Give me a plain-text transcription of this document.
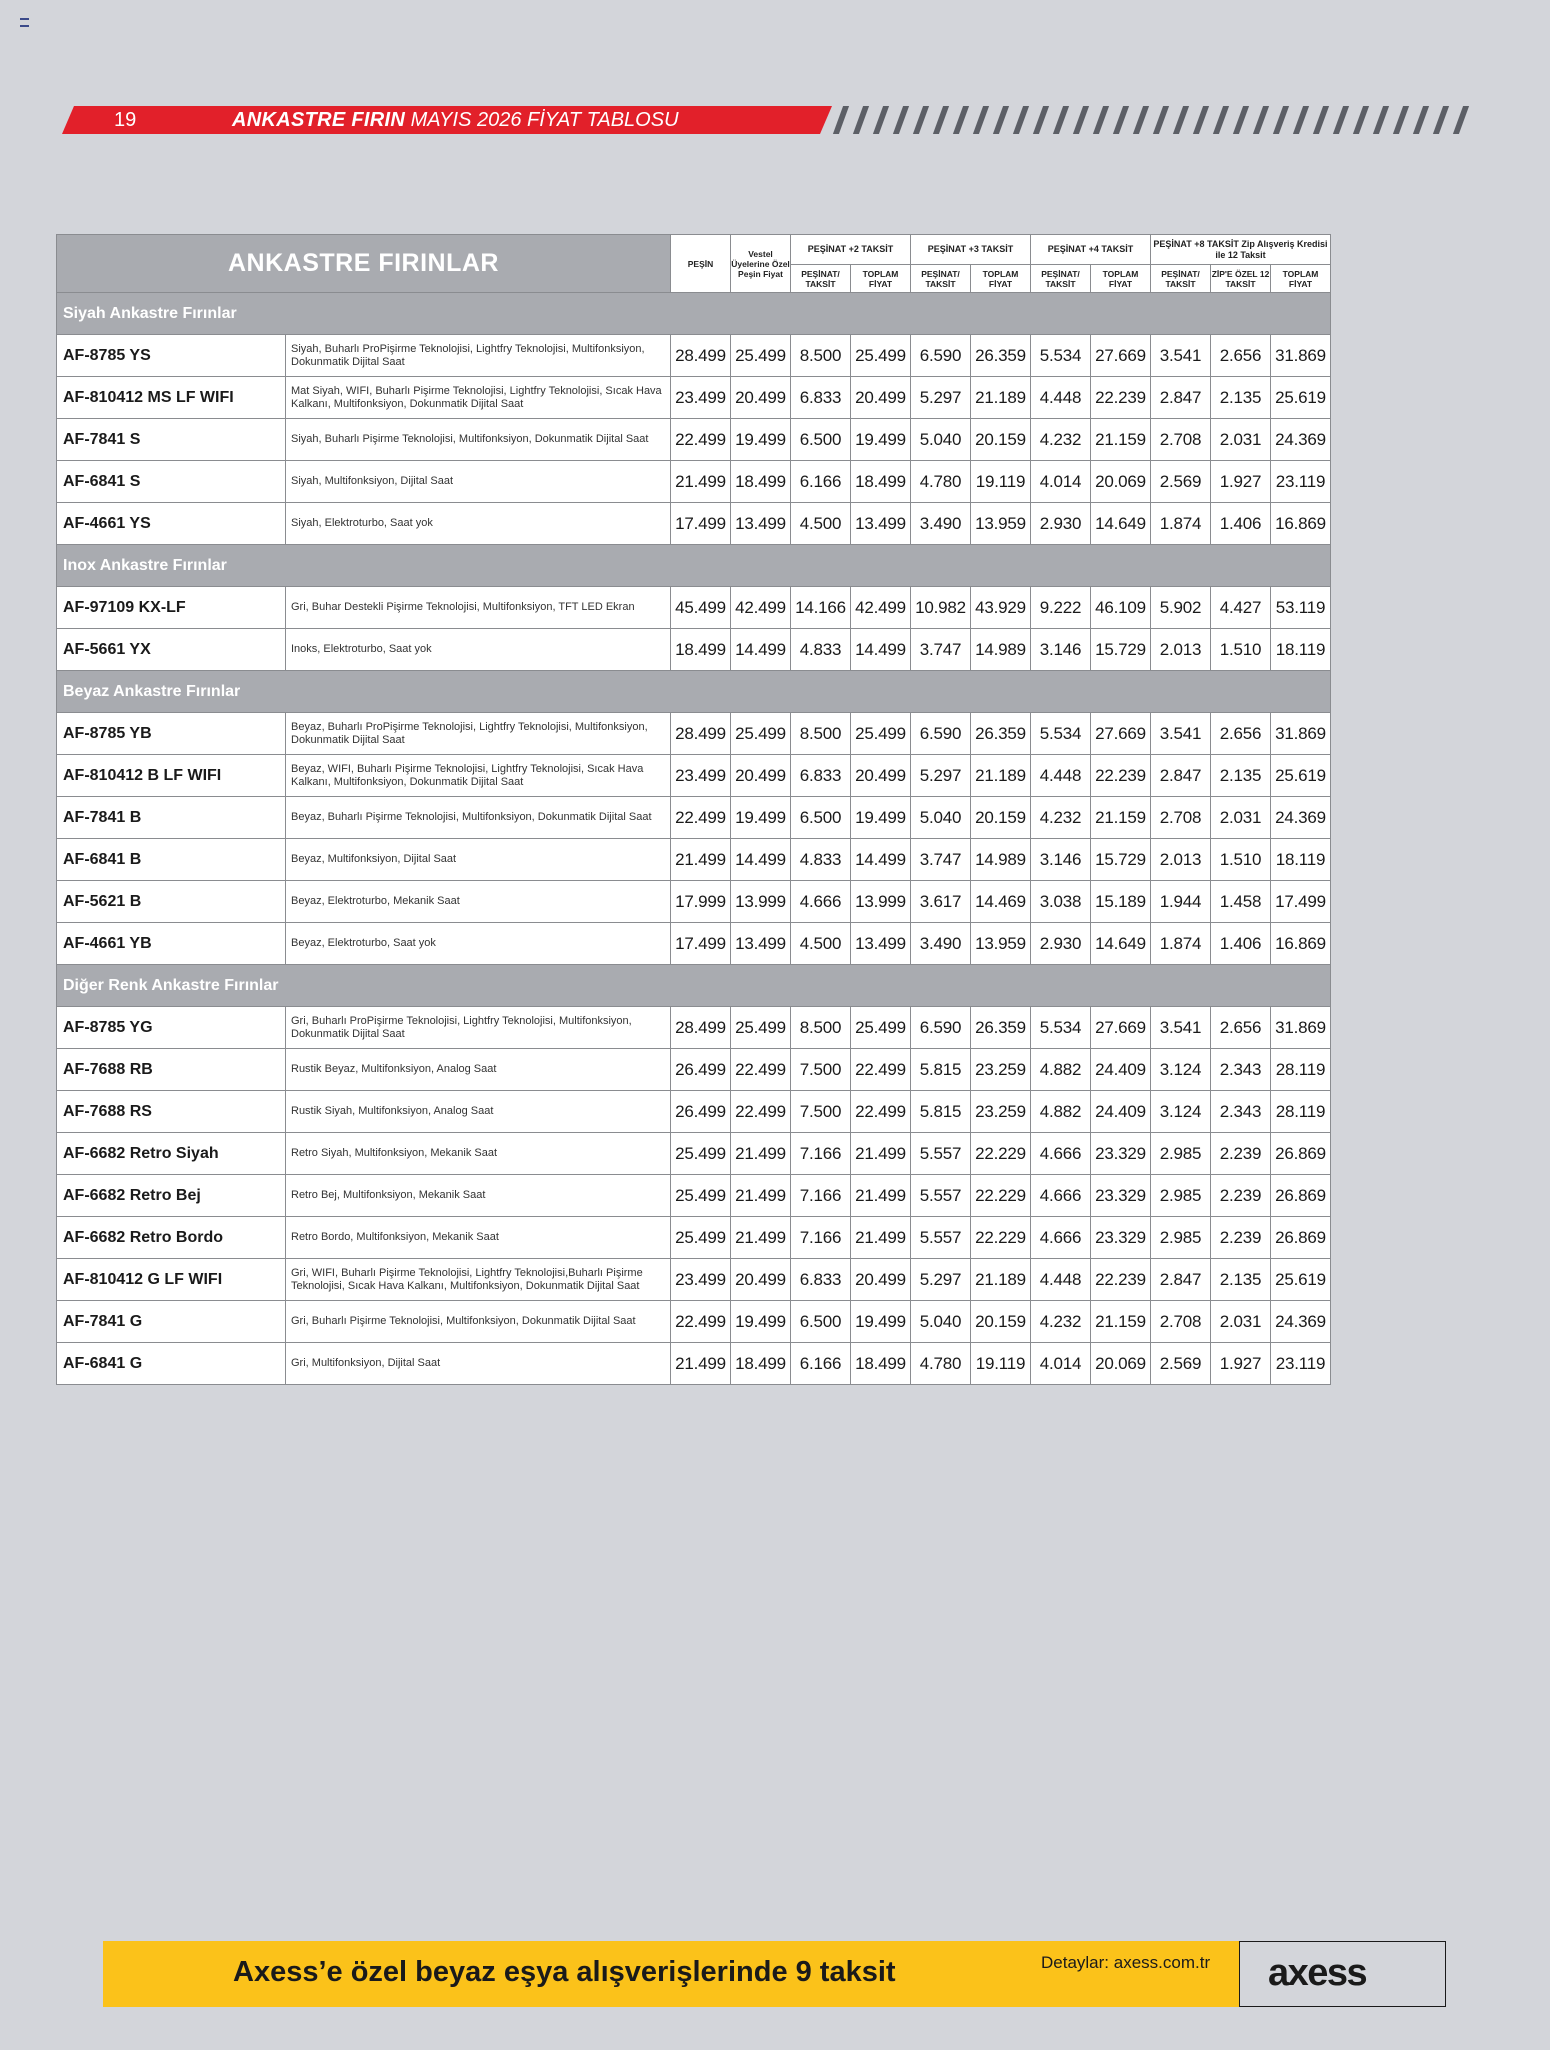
19	ANKASTRE FIRIN MAYIS 2026 FİYAT TABLOSU
ANKASTRE FIRINLAR		PEŞİN	Vestel Üyelerine Özel Peşin Fiyat	PEŞİNAT +2 TAKSİT		PEŞİNAT +3 TAKSİT		PEŞİNAT +4 TAKSİT		PEŞİNAT +8 TAKSİT Zip Alışveriş Kredisi ile 12 Taksit		
				PEŞİNAT/ TAKSİT	TOPLAM FİYAT	PEŞİNAT/ TAKSİT	TOPLAM FİYAT	PEŞİNAT/ TAKSİT	TOPLAM FİYAT	PEŞİNAT/ TAKSİT	ZİP'E ÖZEL 12 TAKSİT	TOPLAM FİYAT
Siyah Ankastre Fırınlar												
AF-8785 YS	Siyah, Buharlı ProPişirme Teknolojisi, Lightfry Teknolojisi, Multifonksiyon, Dokunmatik Dijital Saat	28.499	25.499	8.500	25.499	6.590	26.359	5.534	27.669	3.541	2.656	31.869
AF-810412 MS LF WIFI	Mat Siyah, WIFI, Buharlı Pişirme Teknolojisi, Lightfry Teknolojisi, Sıcak Hava Kalkanı, Multifonksiyon, Dokunmatik Dijital Saat	23.499	20.499	6.833	20.499	5.297	21.189	4.448	22.239	2.847	2.135	25.619
AF-7841 S	Siyah, Buharlı Pişirme Teknolojisi, Multifonksiyon, Dokunmatik Dijital Saat	22.499	19.499	6.500	19.499	5.040	20.159	4.232	21.159	2.708	2.031	24.369
AF-6841 S	Siyah, Multifonksiyon, Dijital Saat	21.499	18.499	6.166	18.499	4.780	19.119	4.014	20.069	2.569	1.927	23.119
AF-4661 YS	Siyah, Elektroturbo, Saat yok	17.499	13.499	4.500	13.499	3.490	13.959	2.930	14.649	1.874	1.406	16.869
Inox Ankastre Fırınlar												
AF-97109 KX-LF	Gri, Buhar Destekli Pişirme Teknolojisi, Multifonksiyon, TFT LED Ekran	45.499	42.499	14.166	42.499	10.982	43.929	9.222	46.109	5.902	4.427	53.119
AF-5661 YX	Inoks, Elektroturbo, Saat yok	18.499	14.499	4.833	14.499	3.747	14.989	3.146	15.729	2.013	1.510	18.119
Beyaz Ankastre Fırınlar												
AF-8785 YB	Beyaz, Buharlı ProPişirme Teknolojisi, Lightfry Teknolojisi, Multifonksiyon, Dokunmatik Dijital Saat	28.499	25.499	8.500	25.499	6.590	26.359	5.534	27.669	3.541	2.656	31.869
AF-810412 B LF WIFI	Beyaz, WIFI, Buharlı Pişirme Teknolojisi, Lightfry Teknolojisi, Sıcak Hava Kalkanı, Multifonksiyon, Dokunmatik Dijital Saat	23.499	20.499	6.833	20.499	5.297	21.189	4.448	22.239	2.847	2.135	25.619
AF-7841 B	Beyaz, Buharlı Pişirme Teknolojisi, Multifonksiyon, Dokunmatik Dijital Saat	22.499	19.499	6.500	19.499	5.040	20.159	4.232	21.159	2.708	2.031	24.369
AF-6841 B	Beyaz, Multifonksiyon, Dijital Saat	21.499	14.499	4.833	14.499	3.747	14.989	3.146	15.729	2.013	1.510	18.119
AF-5621 B	Beyaz, Elektroturbo, Mekanik Saat	17.999	13.999	4.666	13.999	3.617	14.469	3.038	15.189	1.944	1.458	17.499
AF-4661 YB	Beyaz, Elektroturbo, Saat yok	17.499	13.499	4.500	13.499	3.490	13.959	2.930	14.649	1.874	1.406	16.869
Diğer Renk Ankastre Fırınlar												
AF-8785 YG	Gri, Buharlı ProPişirme Teknolojisi, Lightfry Teknolojisi, Multifonksiyon, Dokunmatik Dijital Saat	28.499	25.499	8.500	25.499	6.590	26.359	5.534	27.669	3.541	2.656	31.869
AF-7688 RB	Rustik Beyaz, Multifonksiyon, Analog Saat	26.499	22.499	7.500	22.499	5.815	23.259	4.882	24.409	3.124	2.343	28.119
AF-7688 RS	Rustik Siyah, Multifonksiyon, Analog Saat	26.499	22.499	7.500	22.499	5.815	23.259	4.882	24.409	3.124	2.343	28.119
AF-6682 Retro Siyah	Retro Siyah, Multifonksiyon, Mekanik Saat	25.499	21.499	7.166	21.499	5.557	22.229	4.666	23.329	2.985	2.239	26.869
AF-6682 Retro Bej	Retro Bej, Multifonksiyon, Mekanik Saat	25.499	21.499	7.166	21.499	5.557	22.229	4.666	23.329	2.985	2.239	26.869
AF-6682 Retro Bordo	Retro Bordo, Multifonksiyon, Mekanik Saat	25.499	21.499	7.166	21.499	5.557	22.229	4.666	23.329	2.985	2.239	26.869
AF-810412 G LF WIFI	Gri, WIFI, Buharlı Pişirme Teknolojisi, Lightfry Teknolojisi,Buharlı Pişirme Teknolojisi, Sıcak Hava Kalkanı, Multifonksiyon, Dokunmatik Dijital Saat	23.499	20.499	6.833	20.499	5.297	21.189	4.448	22.239	2.847	2.135	25.619
AF-7841 G	Gri, Buharlı Pişirme Teknolojisi, Multifonksiyon, Dokunmatik Dijital Saat	22.499	19.499	6.500	19.499	5.040	20.159	4.232	21.159	2.708	2.031	24.369
AF-6841 G	Gri, Multifonksiyon, Dijital Saat	21.499	18.499	6.166	18.499	4.780	19.119	4.014	20.069	2.569	1.927	23.119
Axess’e özel beyaz eşya alışverişlerinde 9 taksit	Detaylar: axess.com.tr axess
